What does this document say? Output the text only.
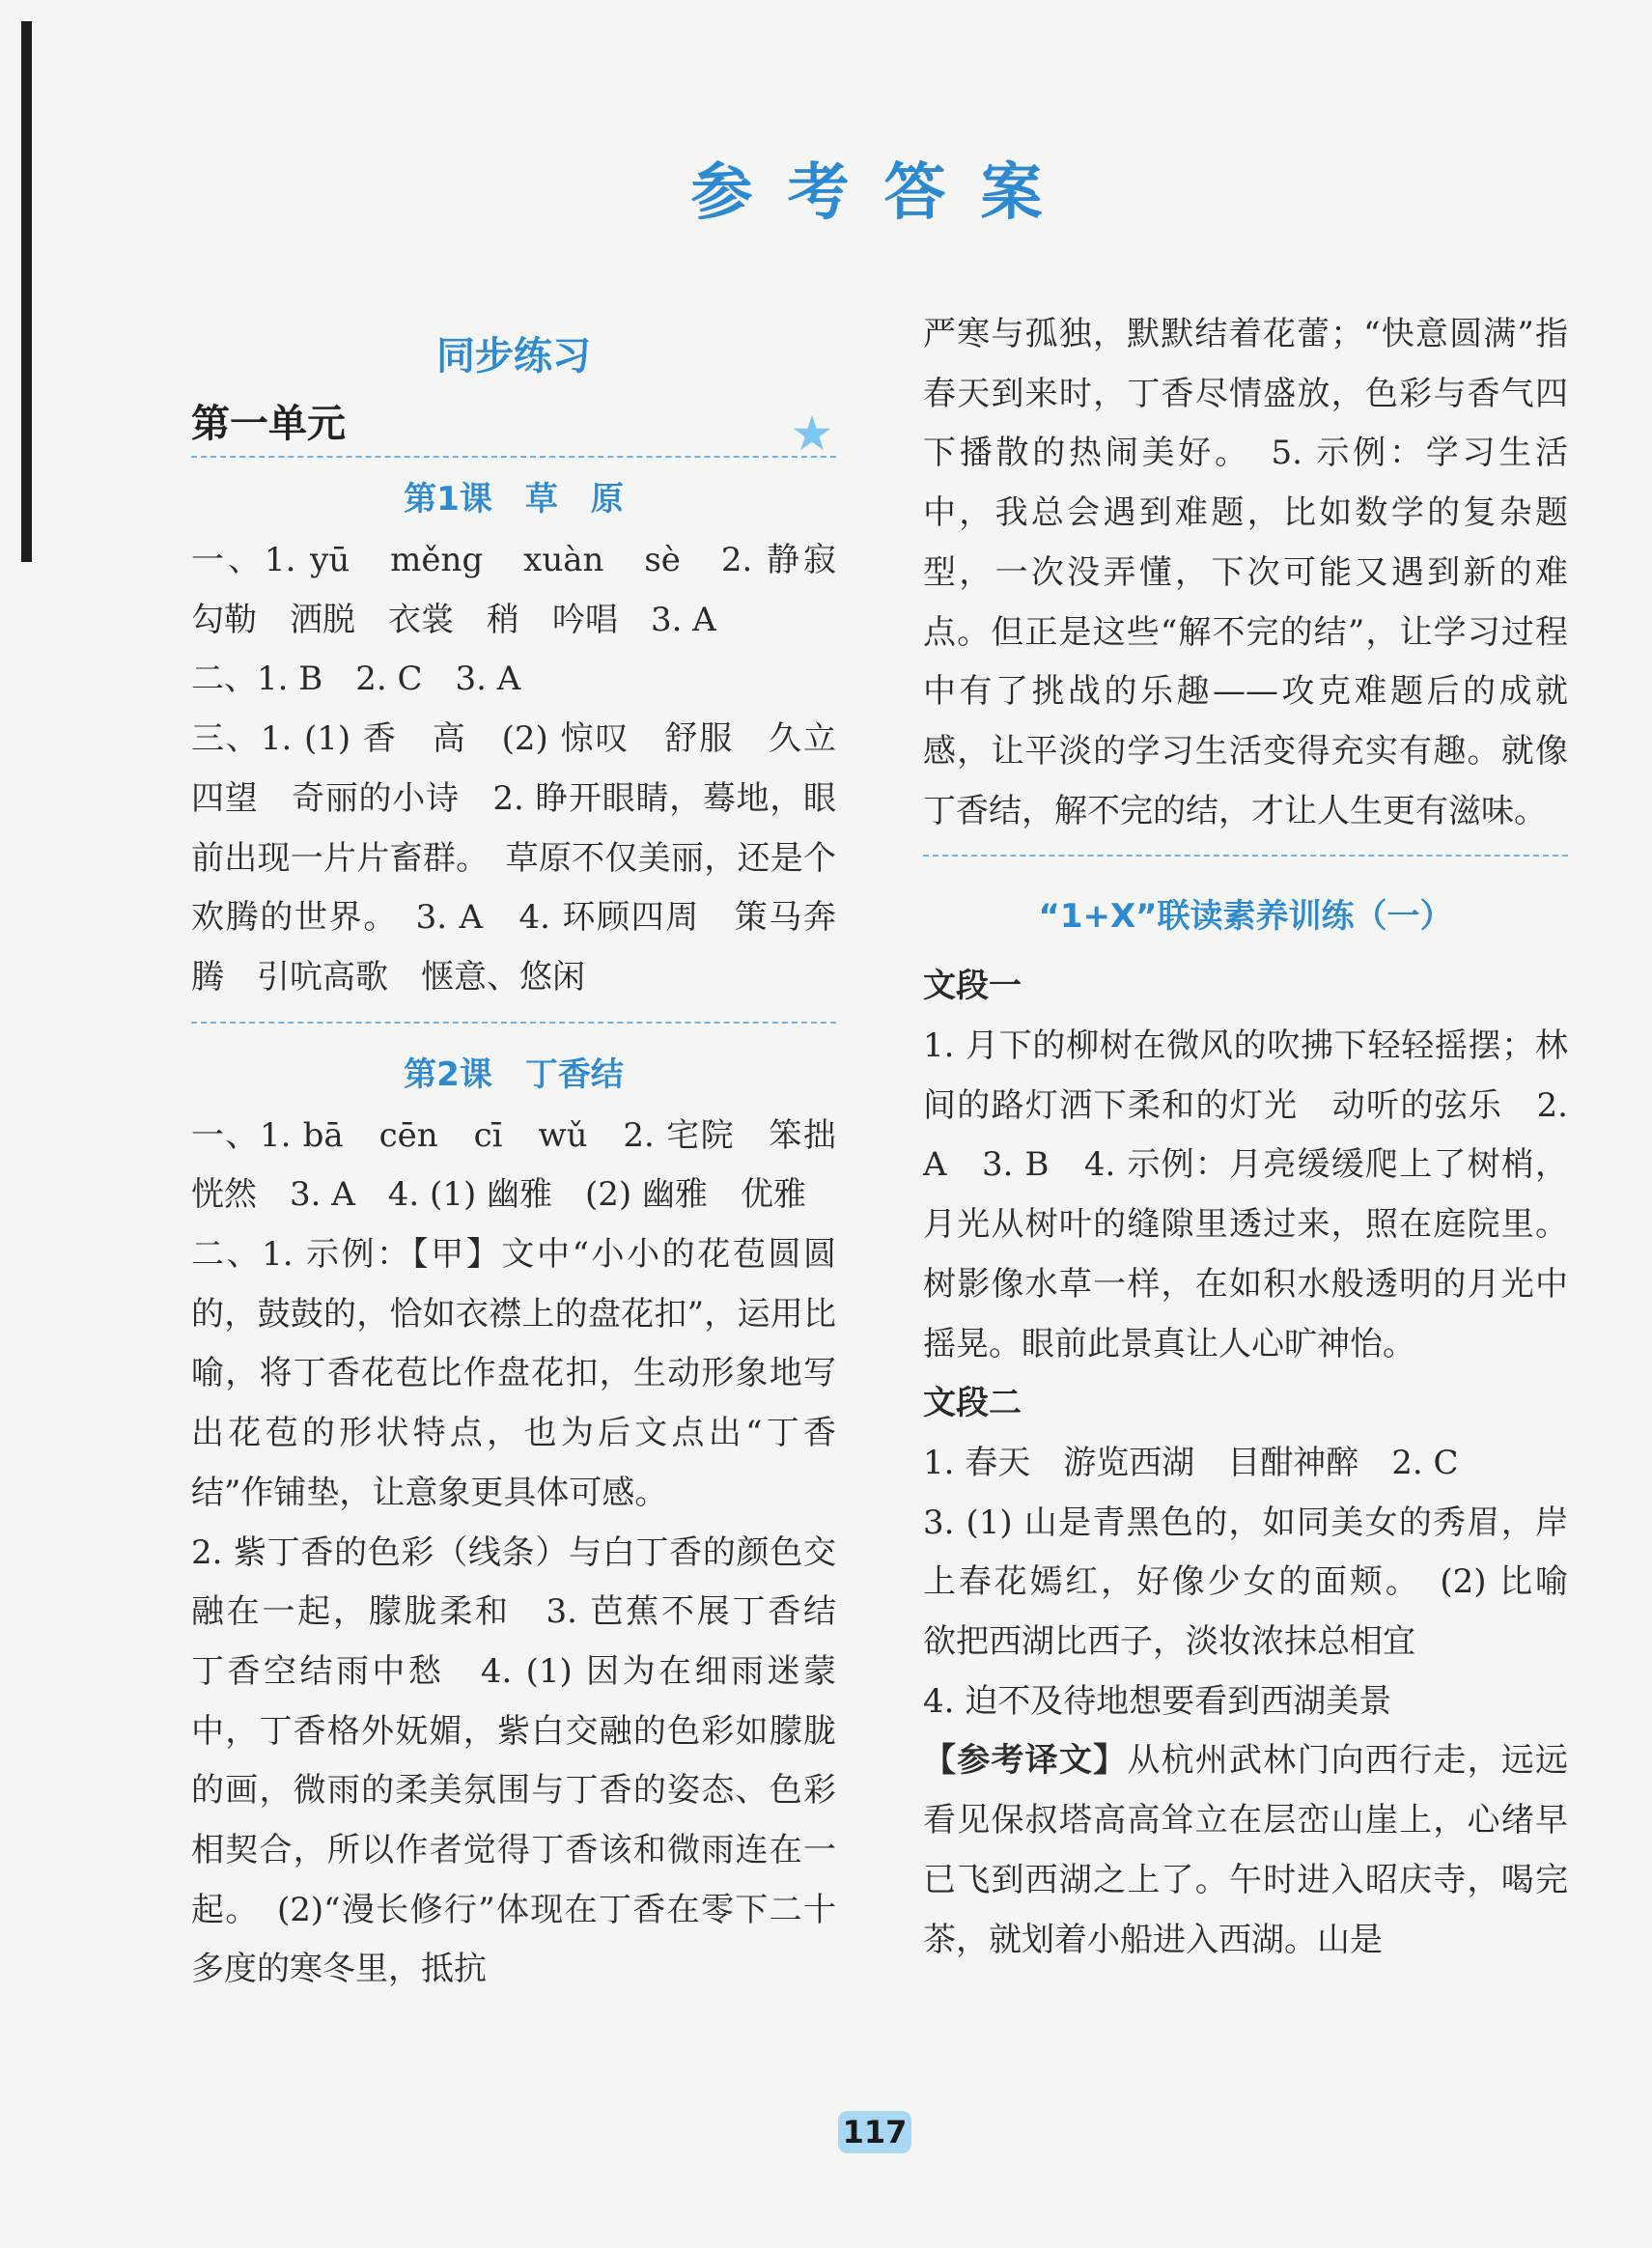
参考答案
同步练习
第一单元	★
第1课　草　原

一、1. yū　měng　xuàn　sè　2. 静寂　勾勒　洒脱　衣裳　稍　吟唱　3. A

二、1. B　2. C　3. A

三、1. (1) 香　高　(2) 惊叹　舒服　久立四望　奇丽的小诗　2. 睁开眼睛，蓦地，眼前出现一片片畜群。　草原不仅美丽，还是个欢腾的世界。　3. A　4. 环顾四周　策马奔腾　引吭高歌　惬意、悠闲

第2课　丁香结

一、1. bā　cēn　cī　wǔ　2. 宅院　笨拙　恍然　3. A　4. (1) 幽雅　(2) 幽雅　优雅

二、1. 示例：【甲】文中“小小的花苞圆圆的，鼓鼓的，恰如衣襟上的盘花扣”，运用比喻，将丁香花苞比作盘花扣，生动形象地写出花苞的形状特点，也为后文点出“丁香结”作铺垫，让意象更具体可感。

2. 紫丁香的色彩（线条）与白丁香的颜色交融在一起，朦胧柔和　3. 芭蕉不展丁香结　丁香空结雨中愁　4. (1) 因为在细雨迷蒙中，丁香格外妩媚，紫白交融的色彩如朦胧的画，微雨的柔美氛围与丁香的姿态、色彩相契合，所以作者觉得丁香该和微雨连在一起。　(2)“漫长修行”体现在丁香在零下二十多度的寒冬里，抵抗

严寒与孤独，默默结着花蕾；“快意圆满”指春天到来时，丁香尽情盛放，色彩与香气四下播散的热闹美好。　5. 示例：学习生活中，我总会遇到难题，比如数学的复杂题型，一次没弄懂，下次可能又遇到新的难点。但正是这些“解不完的结”，让学习过程中有了挑战的乐趣——攻克难题后的成就感，让平淡的学习生活变得充实有趣。就像丁香结，解不完的结，才让人生更有滋味。

“1+X”联读素养训练（一）
文段一

1. 月下的柳树在微风的吹拂下轻轻摇摆；林间的路灯洒下柔和的灯光　动听的弦乐　2. A　3. B　4. 示例：月亮缓缓爬上了树梢，月光从树叶的缝隙里透过来，照在庭院里。树影像水草一样，在如积水般透明的月光中摇晃。眼前此景真让人心旷神怡。

文段二

1. 春天　游览西湖　目酣神醉　2. C

3. (1) 山是青黑色的，如同美女的秀眉，岸上春花嫣红，好像少女的面颊。　(2) 比喻　欲把西湖比西子，淡妆浓抹总相宜

4. 迫不及待地想要看到西湖美景

【参考译文】从杭州武林门向西行走，远远看见保叔塔高高耸立在层峦山崖上，心绪早已飞到西湖之上了。午时进入昭庆寺，喝完茶，就划着小船进入西湖。山是

117
